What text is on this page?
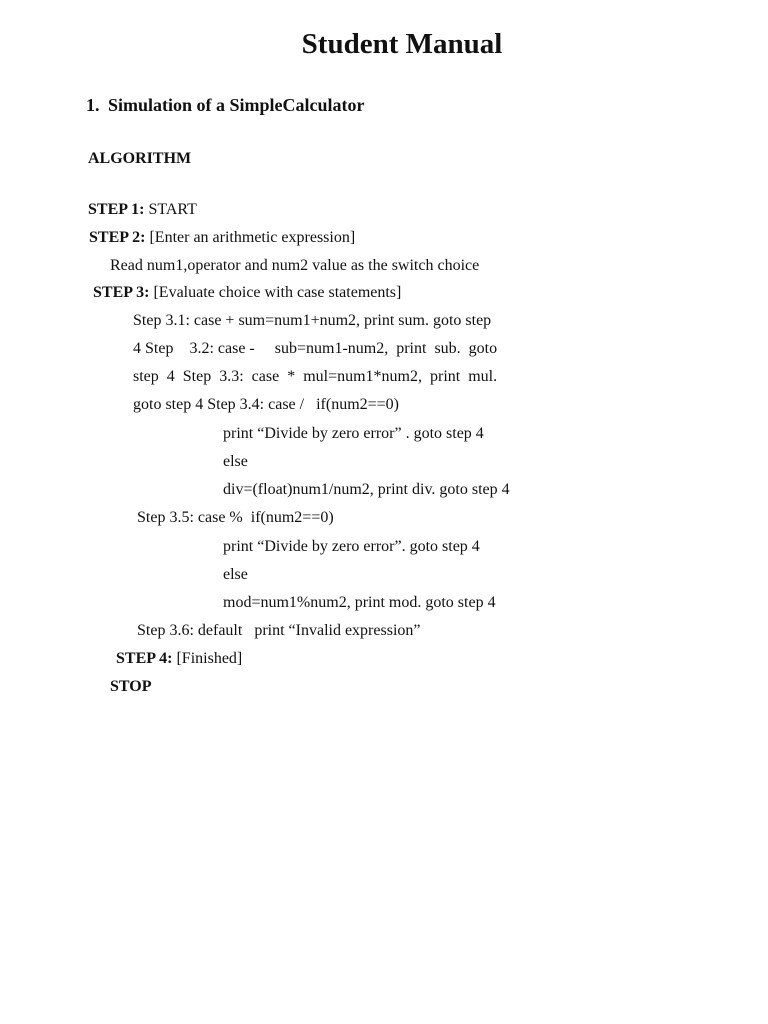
Student Manual
1. Simulation of a SimpleCalculator
ALGORITHM
STEP 1: START
STEP 2: [Enter an arithmetic expression]
Read num1,operator and num2 value as the switch choice
STEP 3: [Evaluate choice with case statements]
Step 3.1: case + sum=num1+num2, print sum. goto step
4 Step    3.2: case -     sub=num1-num2,  print  sub.  goto
step  4  Step  3.3:  case  *  mul=num1*num2,  print  mul.
goto step 4 Step 3.4: case /   if(num2==0)
print “Divide by zero error” . goto step 4
else
div=(float)num1/num2, print div. goto step 4
Step 3.5: case %  if(num2==0)
print “Divide by zero error”. goto step 4
else
mod=num1%num2, print mod. goto step 4
Step 3.6: default   print “Invalid expression”
STEP 4: [Finished]
STOP
